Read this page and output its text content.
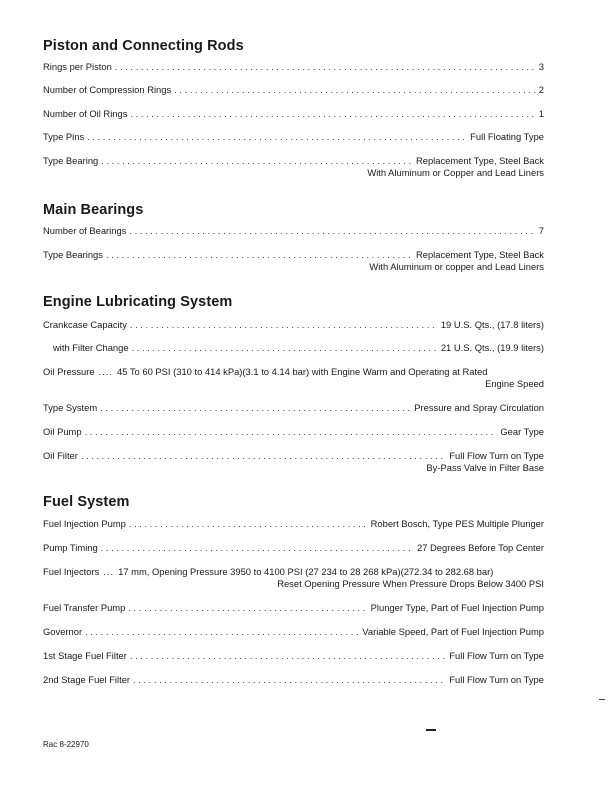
Piston and Connecting Rods
Rings per Piston . . .	3
Number of Compression Rings . . .	2
Number of Oil Rings . . .	1
Type Pins . . .	Full Floating Type
Type Bearing . . .	Replacement Type, Steel Back
With Aluminum or Copper and Lead Liners
Main Bearings
Number of Bearings . . .	7
Type Bearings . . .	Replacement Type, Steel Back
With Aluminum or copper and Lead Liners
Engine Lubricating System
Crankcase Capacity . . .	19 U.S. Qts., (17.8 liters)
with Filter Change . . .	21 U.S. Qts., (19.9 liters)
Oil Pressure .... 45 To 60 PSI (310 to 414 kPa)(3.1 to 4.14 bar) with Engine Warm and Operating at Rated
Engine Speed
Type System . . .	Pressure and Spray Circulation
Oil Pump . . .	Gear Type
Oil Filter . . .	Full Flow Turn on Type
By-Pass Valve in Filter Base
Fuel System
Fuel Injection Pump . . .	Robert Bosch, Type PES Multiple Plunger
Pump Timing . . .	27 Degrees Before Top Center
Fuel Injectors ... 17 mm, Opening Pressure 3950 to 4100 PSI (27 234 to 28 268 kPa)(272.34 to 282.68 bar)
Reset Opening Pressure When Pressure Drops Below 3400 PSI
Fuel Transfer Pump . . .	Plunger Type, Part of Fuel Injection Pump
Governor . . .	Variable Speed, Part of Fuel Injection Pump
1st Stage Fuel Filter . . .	Full Flow Turn on Type
2nd Stage Fuel Filter . . .	Full Flow Turn on Type
Rac 8-22970
